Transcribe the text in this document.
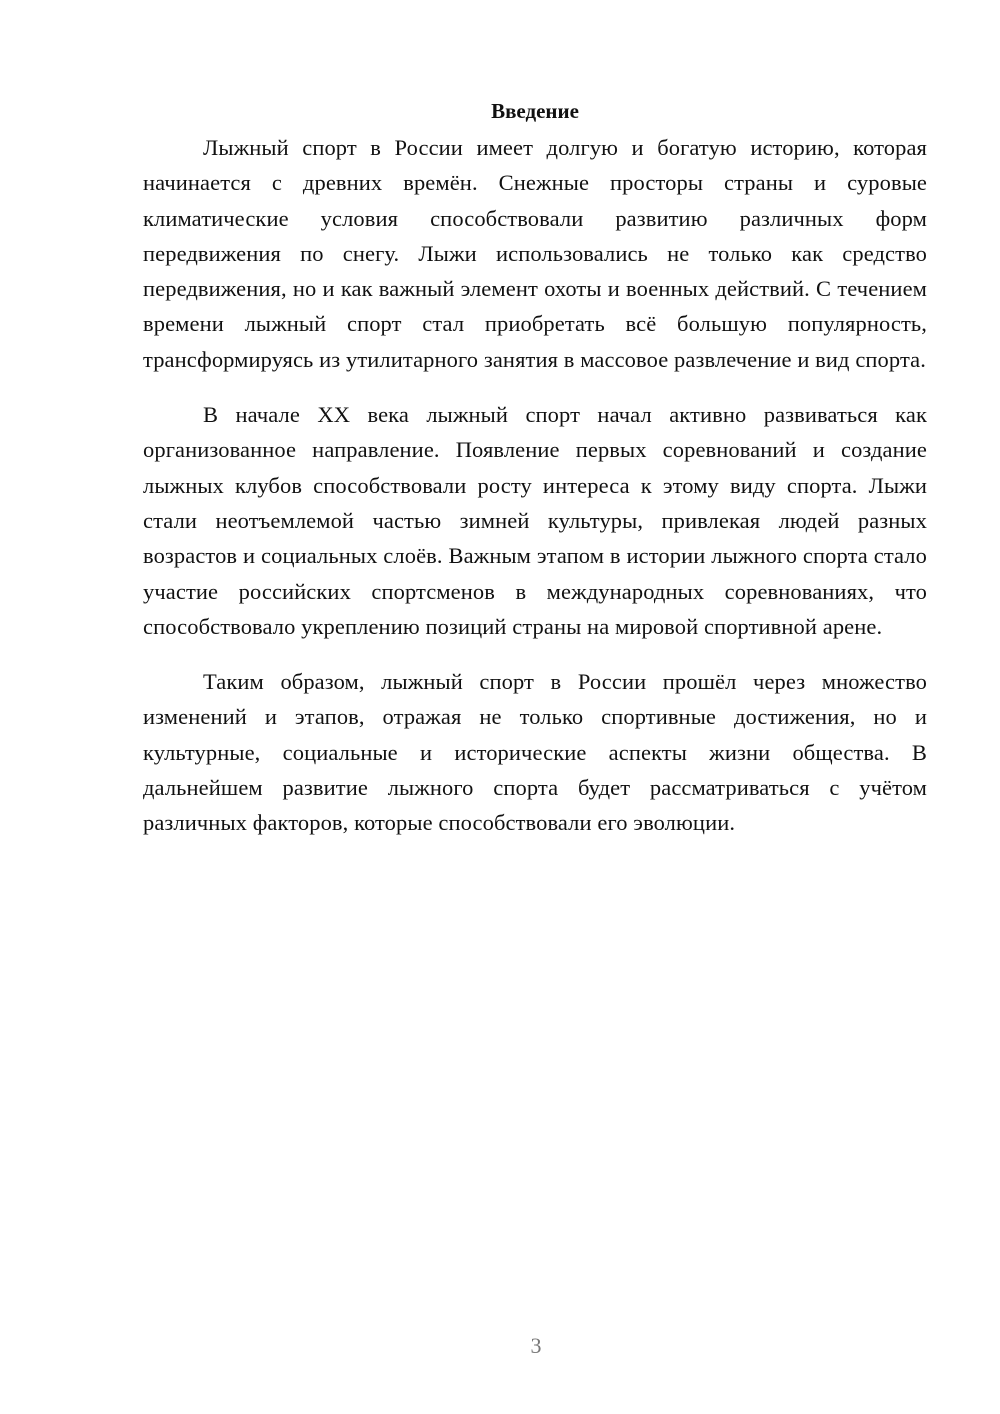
Введение

Лыжный спорт в России имеет долгую и богатую историю, которая начинается с древних времён. Снежные просторы страны и суровые климатические условия способствовали развитию различных форм передвижения по снегу. Лыжи использовались не только как средство передвижения, но и как важный элемент охоты и военных действий. С течением времени лыжный спорт стал приобретать всё большую популярность, трансформируясь из утилитарного занятия в массовое развлечение и вид спорта.

В начале XX века лыжный спорт начал активно развиваться как организованное направление. Появление первых соревнований и создание лыжных клубов способствовали росту интереса к этому виду спорта. Лыжи стали неотъемлемой частью зимней культуры, привлекая людей разных возрастов и социальных слоёв. Важным этапом в истории лыжного спорта стало участие российских спортсменов в международных соревнованиях, что способствовало укреплению позиций страны на мировой спортивной арене.

Таким образом, лыжный спорт в России прошёл через множество изменений и этапов, отражая не только спортивные достижения, но и культурные, социальные и исторические аспекты жизни общества. В дальнейшем развитие лыжного спорта будет рассматриваться с учётом различных факторов, которые способствовали его эволюции.

3
